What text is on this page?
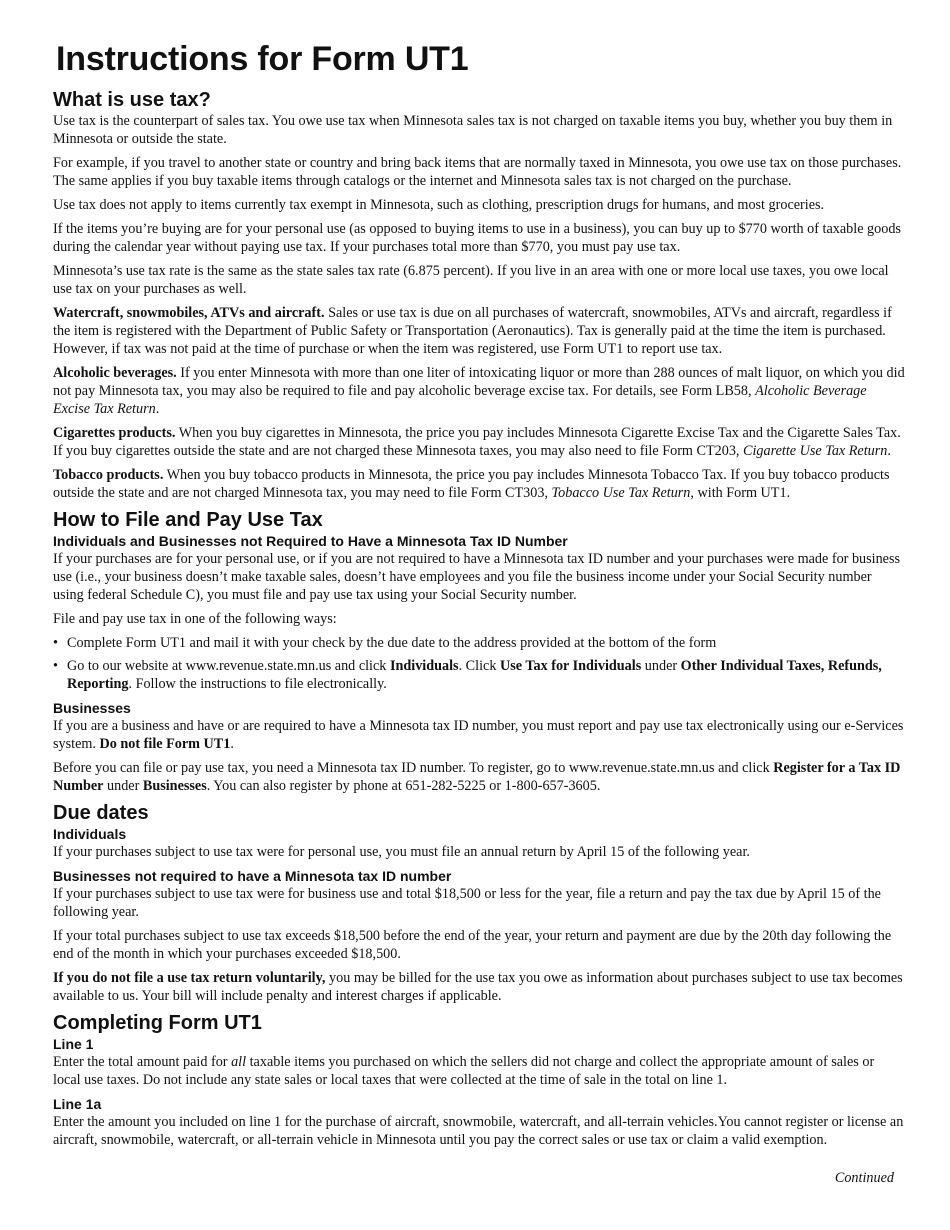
Instructions for Form UT1
What is use tax?

Use tax is the counterpart of sales tax. You owe use tax when Minnesota sales tax is not charged on taxable items you buy, whether you buy them in Minnesota or outside the state.

For example, if you travel to another state or country and bring back items that are normally taxed in Minnesota, you owe use tax on those purchases. The same applies if you buy taxable items through catalogs or the internet and Minnesota sales tax is not charged on the purchase.

Use tax does not apply to items currently tax exempt in Minnesota, such as clothing, prescription drugs for humans, and most groceries.

If the items you’re buying are for your personal use (as opposed to buying items to use in a business), you can buy up to $770 worth of taxable goods during the calendar year without paying use tax. If your purchases total more than $770, you must pay use tax.

Minnesota’s use tax rate is the same as the state sales tax rate (6.875 percent). If you live in an area with one or more local use taxes, you owe local use tax on your purchases as well.

Watercraft, snowmobiles, ATVs and aircraft. Sales or use tax is due on all purchases of watercraft, snowmobiles, ATVs and aircraft, regardless if the item is registered with the Department of Public Safety or Transportation (Aeronautics). Tax is generally paid at the time the item is purchased. However, if tax was not paid at the time of purchase or when the item was registered, use Form UT1 to report use tax.

Alcoholic beverages. If you enter Minnesota with more than one liter of intoxicating liquor or more than 288 ounces of malt liquor, on which you did not pay Minnesota tax, you may also be required to file and pay alcoholic beverage excise tax. For details, see Form LB58, Alcoholic Beverage Excise Tax Return.

Cigarettes products. When you buy cigarettes in Minnesota, the price you pay includes Minnesota Cigarette Excise Tax and the Cigarette Sales Tax. If you buy cigarettes outside the state and are not charged these Minnesota taxes, you may also need to file Form CT203, Cigarette Use Tax Return.

Tobacco products. When you buy tobacco products in Minnesota, the price you pay includes Minnesota Tobacco Tax. If you buy tobacco products outside the state and are not charged Minnesota tax, you may need to file Form CT303, Tobacco Use Tax Return, with Form UT1.

How to File and Pay Use Tax
Individuals and Businesses not Required to Have a Minnesota Tax ID Number

If your purchases are for your personal use, or if you are not required to have a Minnesota tax ID number and your purchases were made for business use (i.e., your business doesn’t make taxable sales, doesn’t have employees and you file the business income under your Social Security number using federal Schedule C), you must file and pay use tax using your Social Security number.

File and pay use tax in one of the following ways:

• Complete Form UT1 and mail it with your check by the due date to the address provided at the bottom of the form
• Go to our website at www.revenue.state.mn.us and click Individuals. Click Use Tax for Individuals under Other Individual Taxes, Refunds, Reporting. Follow the instructions to file electronically.
Businesses

If you are a business and have or are required to have a Minnesota tax ID number, you must report and pay use tax electronically using our e-Services system. Do not file Form UT1.

Before you can file or pay use tax, you need a Minnesota tax ID number. To register, go to www.revenue.state.mn.us and click Register for a Tax ID Number under Businesses. You can also register by phone at 651-282-5225 or 1-800-657-3605.

Due dates
Individuals

If your purchases subject to use tax were for personal use, you must file an annual return by April 15 of the following year.

Businesses not required to have a Minnesota tax ID number

If your purchases subject to use tax were for business use and total $18,500 or less for the year, file a return and pay the tax due by April 15 of the following year.

If your total purchases subject to use tax exceeds $18,500 before the end of the year, your return and payment are due by the 20th day following the end of the month in which your purchases exceeded $18,500.

If you do not file a use tax return voluntarily, you may be billed for the use tax you owe as information about purchases subject to use tax becomes available to us. Your bill will include penalty and interest charges if applicable.

Completing Form UT1
Line 1

Enter the total amount paid for all taxable items you purchased on which the sellers did not charge and collect the appropriate amount of sales or local use taxes. Do not include any state sales or local taxes that were collected at the time of sale in the total on line 1.

Line 1a

Enter the amount you included on line 1 for the purchase of aircraft, snowmobile, watercraft, and all-terrain vehicles.You cannot register or license an aircraft, snowmobile, watercraft, or all-terrain vehicle in Minnesota until you pay the correct sales or use tax or claim a valid exemption.

Continued
